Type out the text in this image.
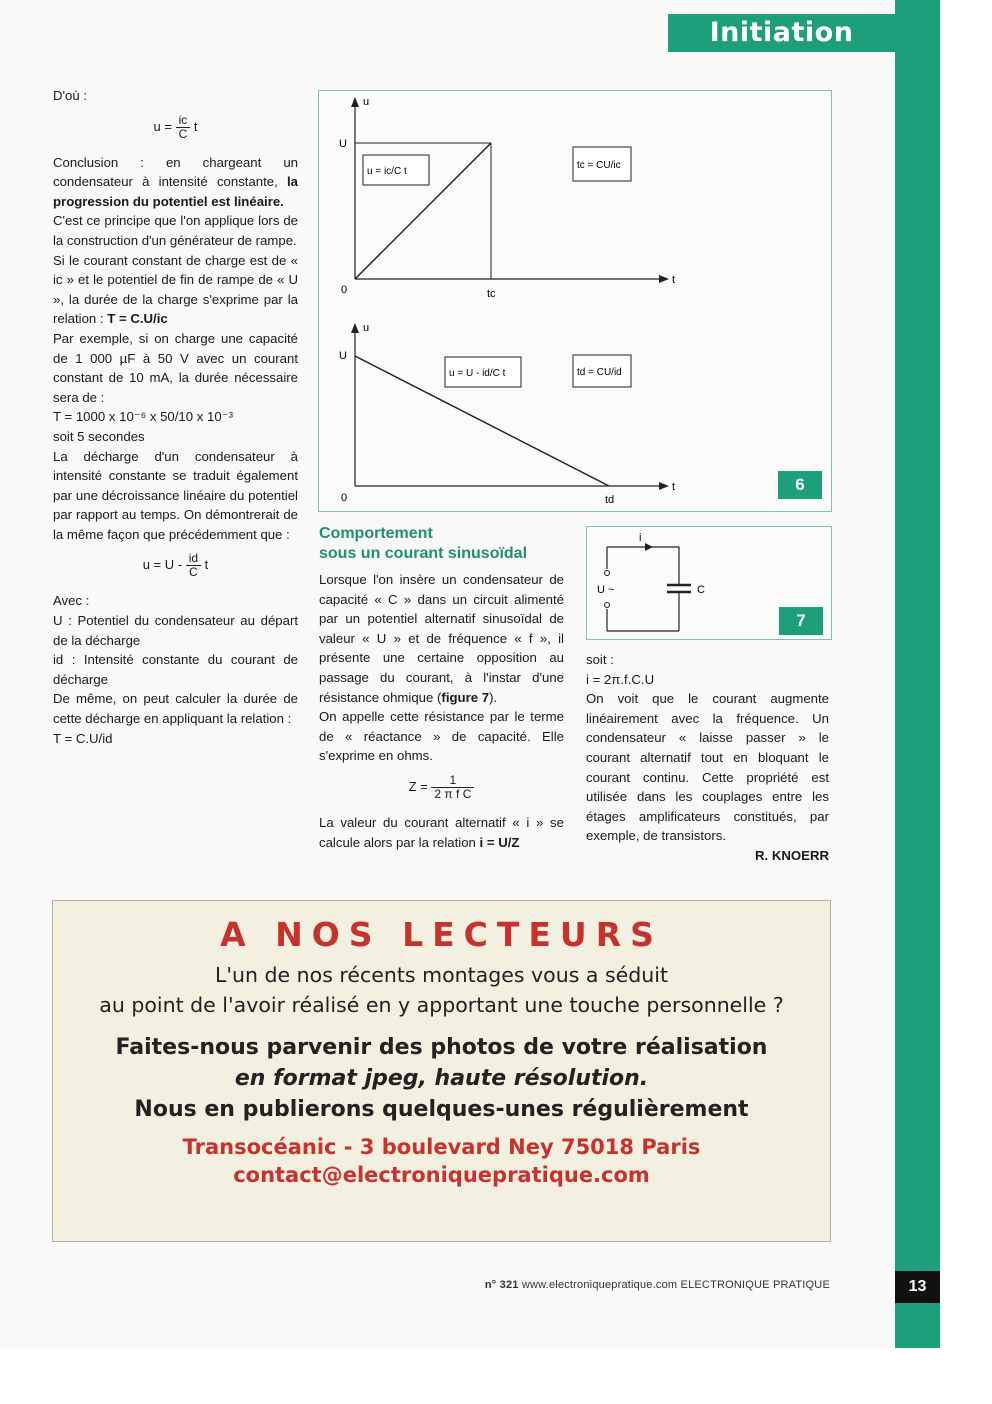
Initiation

D'où :

$u = \frac{ic}{C}$ t

Conclusion : en chargeant un condensateur à intensité constante, la progression du potentiel est linéaire.

C'est ce principe que l'on applique lors de la construction d'un générateur de rampe.

Si le courant constant de charge est de « ic » et le potentiel de fin de rampe de « U », la durée de la charge s'exprime par la relation : T = C.U/ic

Par exemple, si on charge une capacité de 1 000 µF à 50 V avec un courant constant de 10 mA, la durée nécessaire sera de :

T = 1000 x 10⁻⁶ x 50/10 x 10⁻³

soit 5 secondes

La décharge d'un condensateur à intensité constante se traduit également par une décroissance linéaire du potentiel par rapport au temps. On démontrerait de la même façon que précédemment que :

$u = U - \frac{id}{C}$ t

Avec :

U : Potentiel du condensateur au départ de la décharge

id : Intensité constante du courant de décharge

De même, on peut calculer la durée de cette décharge en appliquant la relation :

T = C.U/id

u
t
U
0	tc
u = ic/C t
tc = CU/ic
u
t
U
0	td
u = U - id/C t	td = CU/id
6
Comportement
sous un courant sinusoïdal

Lorsque l'on insère un condensateur de capacité « C » dans un circuit alimenté par un potentiel alternatif sinusoïdal de valeur « U » et de fréquence « f », il présente une certaine opposition au passage du courant, à l'instar d'une résistance ohmique (figure 7).

On appelle cette résistance par le terme de « réactance » de capacité. Elle s'exprime en ohms.

$Z = \frac{1}{\text{2 π f C}}$

La valeur du courant alternatif « i » se calcule alors par la relation i = U/Z

i
U ~	C
7

soit :

i = 2π.f.C.U

On voit que le courant augmente linéairement avec la fréquence. Un condensateur « laisse passer » le courant alternatif tout en bloquant le courant continu. Cette propriété est utilisée dans les couplages entre les étages amplificateurs constitués, par exemple, de transistors.

R. KNOERR

A NOS LECTEURS
L'un de nos récents montages vous a séduit
au point de l'avoir réalisé en y apportant une touche personnelle ?
Faites-nous parvenir des photos de votre réalisation
en format jpeg, haute résolution.
Nous en publierons quelques-unes régulièrement
Transocéanic - 3 boulevard Ney 75018 Paris
contact@electroniquepratique.com
n° 321 www.electroniquepratique.com ELECTRONIQUE PRATIQUE	13
